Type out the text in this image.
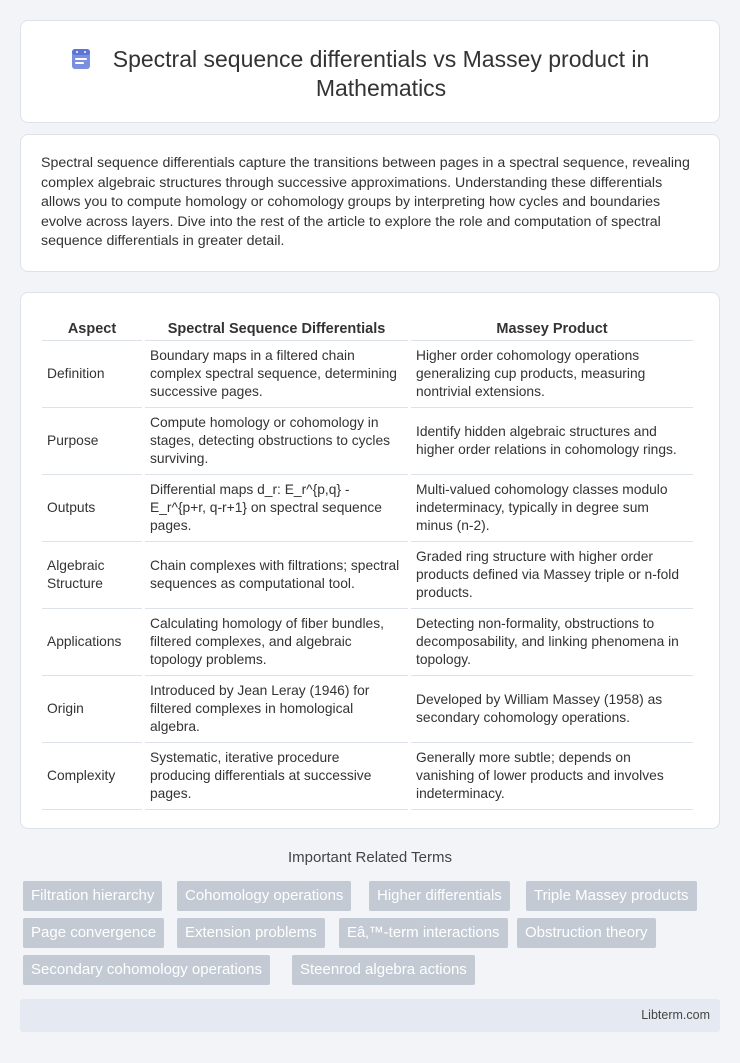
Spectral sequence differentials vs Massey product in Mathematics

Spectral sequence differentials capture the transitions between pages in a spectral sequence, revealing complex algebraic structures through successive approximations. Understanding these differentials allows you to compute homology or cohomology groups by interpreting how cycles and boundaries evolve across layers. Dive into the rest of the article to explore the role and computation of spectral sequence differentials in greater detail.

Aspect	Spectral Sequence Differentials	Massey Product
Definition	Boundary maps in a filtered chain complex spectral sequence, determining successive pages.	Higher order cohomology operations generalizing cup products, measuring nontrivial extensions.
Purpose	Compute homology or cohomology in stages, detecting obstructions to cycles surviving.	Identify hidden algebraic structures and higher order relations in cohomology rings.
Outputs	Differential maps d_r: E_r^{p,q} - E_r^{p+r, q-r+1} on spectral sequence pages.	Multi-valued cohomology classes modulo indeterminacy, typically in degree sum minus (n-2).
Algebraic Structure	Chain complexes with filtrations; spectral sequences as computational tool.	Graded ring structure with higher order products defined via Massey triple or n-fold products.
Applications	Calculating homology of fiber bundles, filtered complexes, and algebraic topology problems.	Detecting non-formality, obstructions to decomposability, and linking phenomena in topology.
Origin	Introduced by Jean Leray (1946) for filtered complexes in homological algebra.	Developed by William Massey (1958) as secondary cohomology operations.
Complexity	Systematic, iterative procedure producing differentials at successive pages.	Generally more subtle; depends on vanishing of lower products and involves indeterminacy.
Important Related Terms
Filtration hierarchy	Cohomology operations	Higher differentials	Triple Massey products
Page convergence	Extension problems	Eâ‚™-term interactions	Obstruction theory
Secondary cohomology operations	Steenrod algebra actions
Libterm.com
